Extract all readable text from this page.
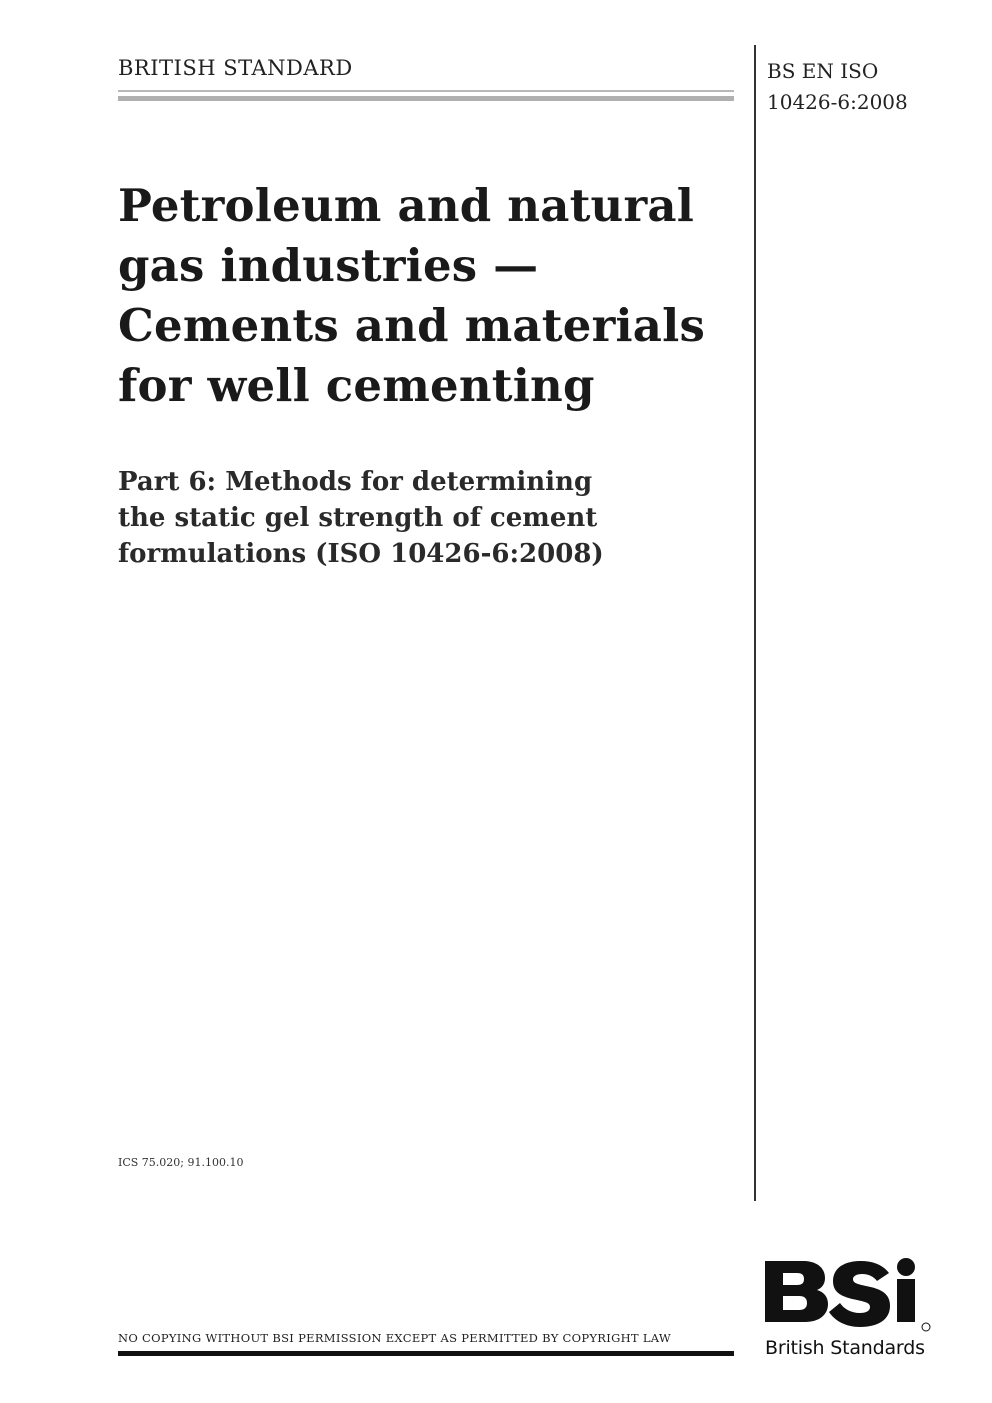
BRITISH STANDARD	BS EN ISO
10426-6:2008
Petroleum and natural
gas industries —
Cements and materials
for well cementing
Part 6: Methods for determining
the static gel strength of cement
formulations (ISO 10426-6:2008)
ICS 75.020; 91.100.10
NO COPYING WITHOUT BSI PERMISSION EXCEPT AS PERMITTED BY COPYRIGHT LAW	British Standards
